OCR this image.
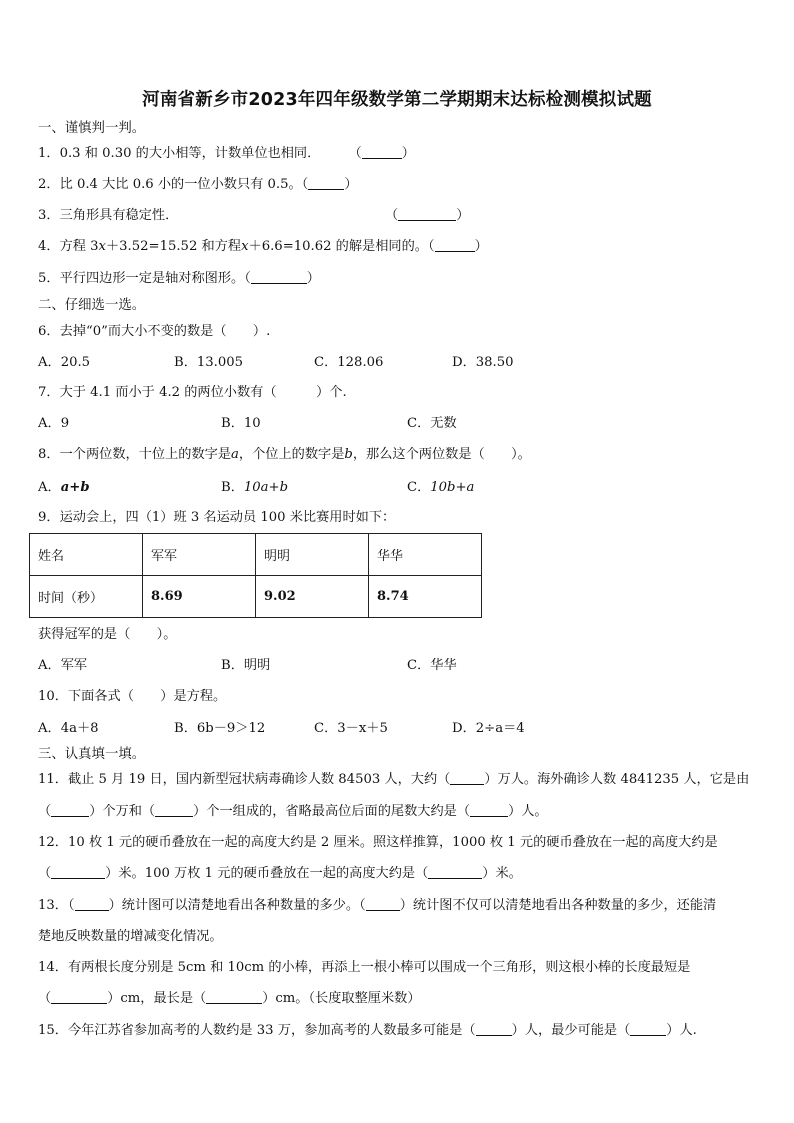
河南省新乡市2023年四年级数学第二学期期末达标检测模拟试题
一、谨慎判一判。
1．0.3 和 0.30 的大小相等，计数单位也相同． （	）
2．比 0.4 大比 0.6 小的一位小数只有 0.5。（	）
3．三角形具有稳定性．	（	）
4．方程 3x＋3.52=15.52 和方程x＋6.6=10.62 的解是相同的。（	）
5．平行四边形一定是轴对称图形。（	）
二、仔细选一选。
6．去掉“0”而大小不变的数是（　　）.
A．20.5	B．13.005	C．128.06	D．38.50
7．大于 4.1 而小于 4.2 的两位小数有（　　　）个.
A．9	B．10	C．无数
8．一个两位数，十位上的数字是a，个位上的数字是b，那么这个两位数是（　　）。
A．a+b	B．10a+b	C．10b+a
9．运动会上，四（1）班 3 名运动员 100 米比赛用时如下：
姓名	军军	明明	华华
时间（秒）	8.69	9.02	8.74
获得冠军的是（　　）。
A．军军	B．明明	C．华华
10．下面各式（　　）是方程。
A．4a＋8	B．6b－9＞12	C．3－x＋5	D．2÷a＝4
三、认真填一填。
11．截止 5 月 19 日，国内新型冠状病毒确诊人数 84503 人，大约（	）万人。海外确诊人数 4841235 人，它是由
（	）个万和（	）个一组成的，省略最高位后面的尾数大约是（	）人。
12．10 枚 1 元的硬币叠放在一起的高度大约是 2 厘米。照这样推算，1000 枚 1 元的硬币叠放在一起的高度大约是
（	）米。100 万枚 1 元的硬币叠放在一起的高度大约是（	）米。
13．（	）统计图可以清楚地看出各种数量的多少。（	）统计图不仅可以清楚地看出各种数量的多少，还能清
楚地反映数量的增减变化情况。
14．有两根长度分别是 5cm 和 10cm 的小棒，再添上一根小棒可以围成一个三角形，则这根小棒的长度最短是
（	）cm，最长是（	）cm。（长度取整厘米数）
15．今年江苏省参加高考的人数约是 33 万，参加高考的人数最多可能是（	）人，最少可能是（	）人.
